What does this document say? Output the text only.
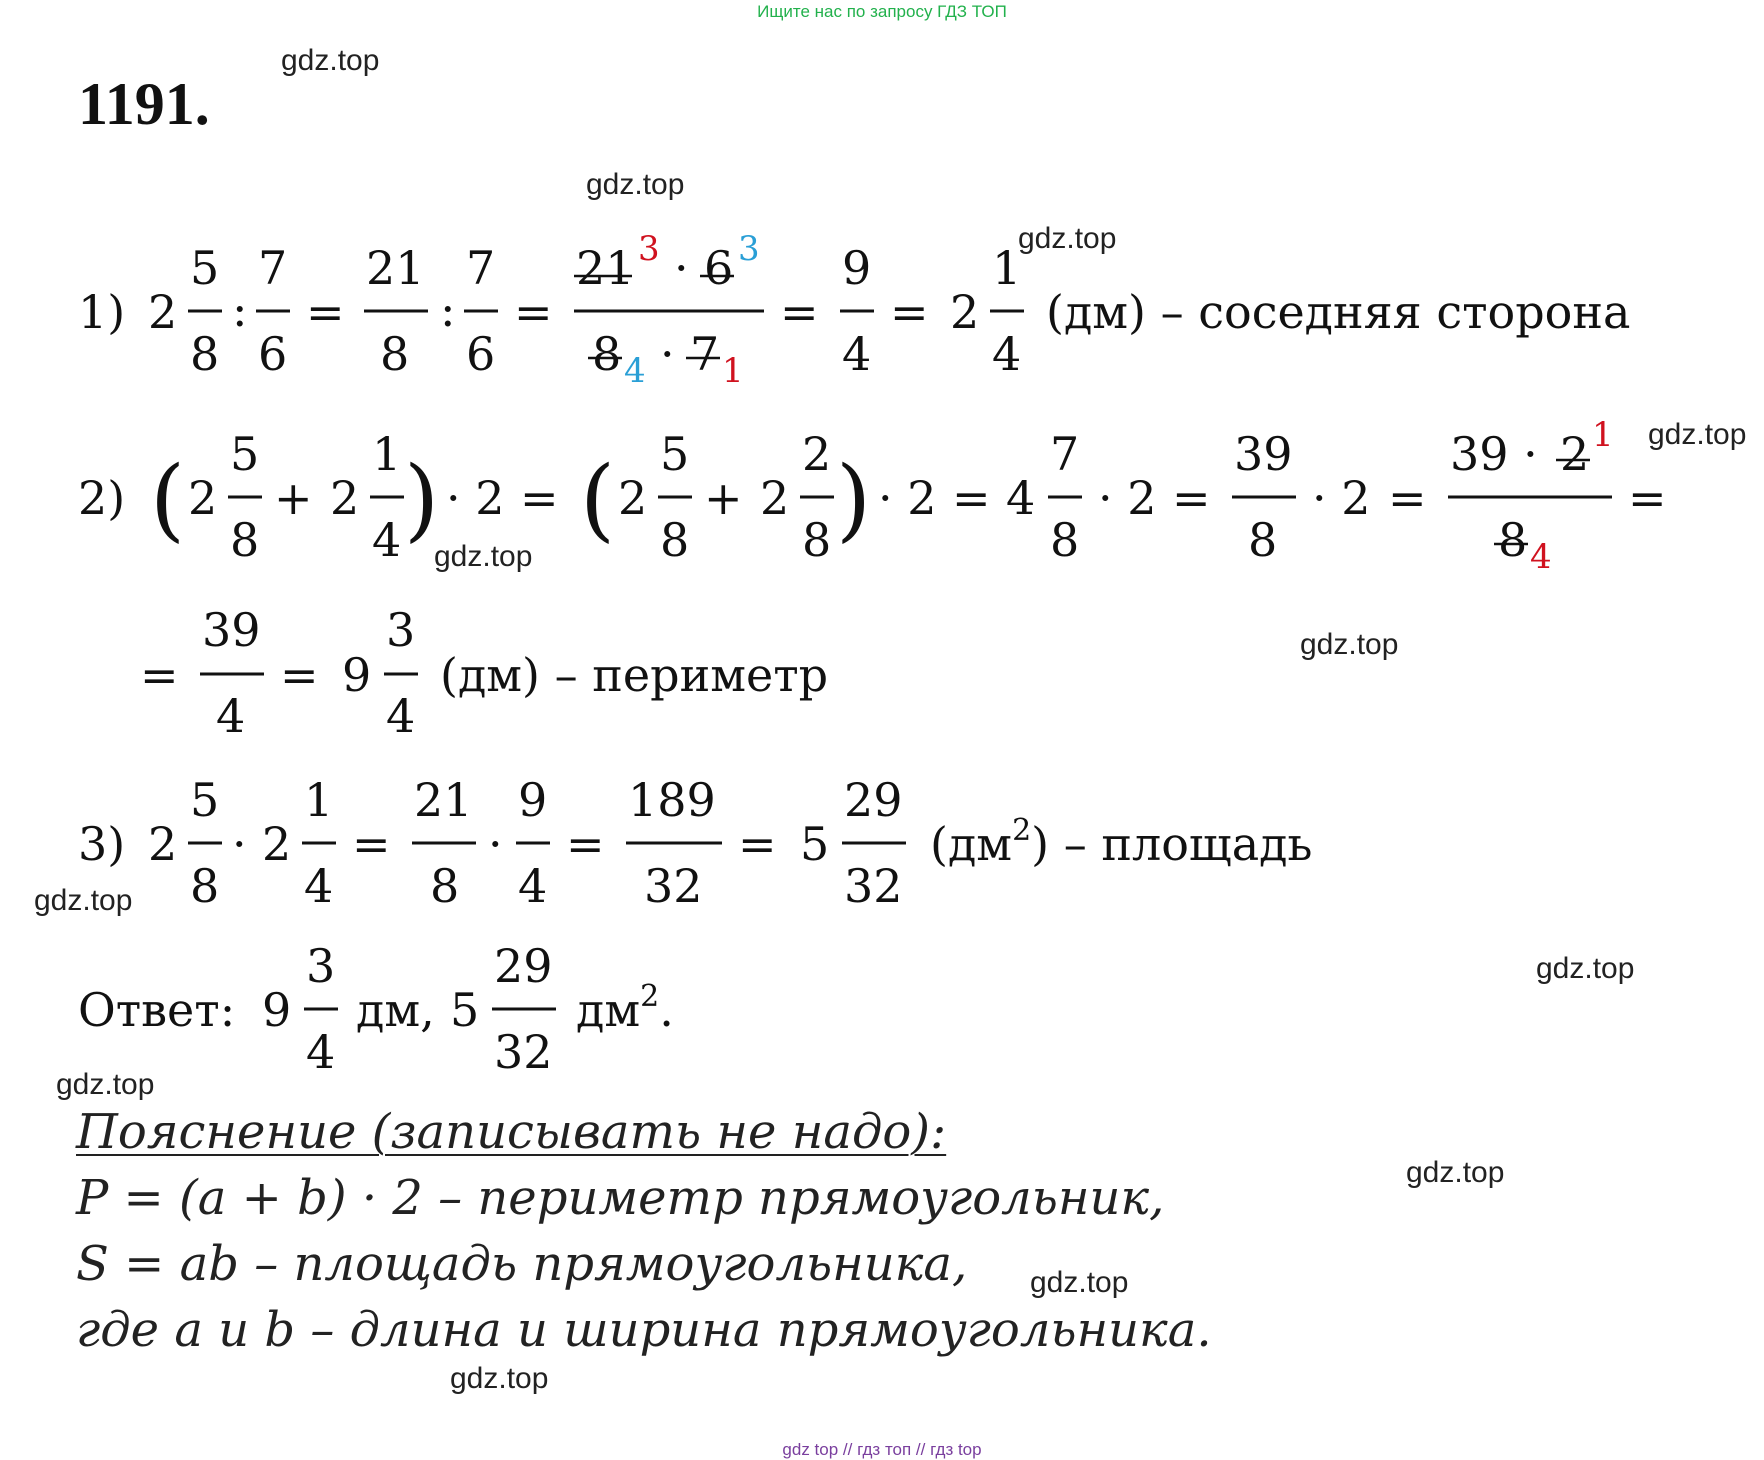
Ищите нас по запросу ГДЗ ТОП
gdz top // гдз топ // гдз top
gdz.top
gdz.top
gdz.top
gdz.top
gdz.top
gdz.top
gdz.top
gdz.top
gdz.top
gdz.top
gdz.top
gdz.top
1191.
1) 2
5
8
:
7
6
=
21
8
:
7
6
=
21 3 · 6 3
8 4 · 7 1
=
9
4
= 2
1
4
(дм) – соседняя сторона
2) ( 2
5
8
+ 2
1
4 ) · 2 = ( 2
5
8
+ 2
2
8 ) · 2 = 4
7
8
· 2 =
39
8
· 2 =
39 · 2 1
8 4
=
=
39
4
= 9
3
4
(дм) – периметр
3) 2
5
8
· 2
1
4
=
21
8
·
9
4
=
189
32
= 5
29
32
$(дм^2)$ – площадь
Ответ: 9
3
4
дм, 5
29
32
$дм^2$.
Пояснение (записывать не надо):
P = (a + b) · 2 – периметр прямоугольник,
S = ab – площадь прямоугольника,
где a и b – длина и ширина прямоугольника.
